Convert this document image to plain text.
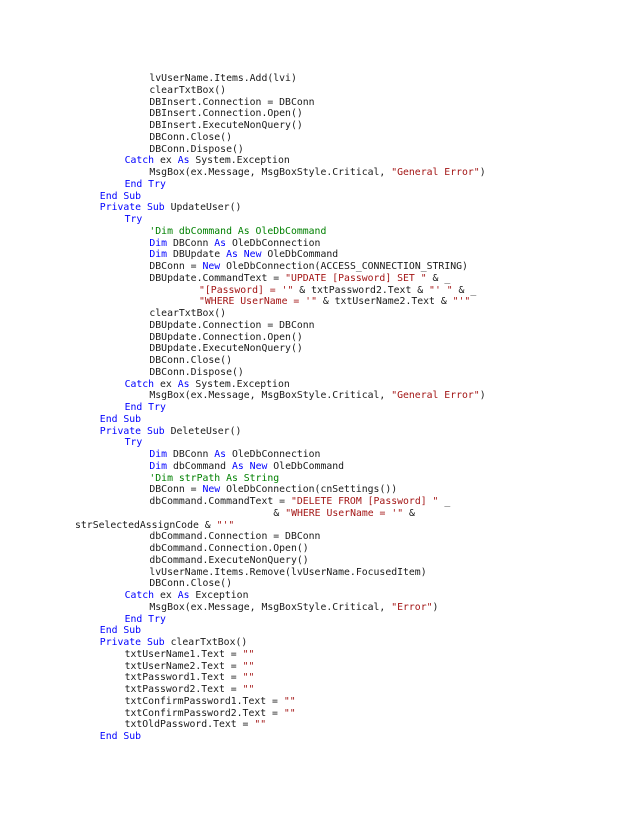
lvUserName.Items.Add(lvi)
clearTxtBox()
DBInsert.Connection = DBConn
DBInsert.Connection.Open()
DBInsert.ExecuteNonQuery()
DBConn.Close()
DBConn.Dispose()
Catch ex As System.Exception
MsgBox(ex.Message, MsgBoxStyle.Critical, "General Error")
End Try
End Sub
Private Sub UpdateUser()
Try
'Dim dbCommand As OleDbCommand
Dim DBConn As OleDbConnection
Dim DBUpdate As New OleDbCommand
DBConn = New OleDbConnection(ACCESS_CONNECTION_STRING)
DBUpdate.CommandText = "UPDATE [Password] SET " & _
"[Password] = '" & txtPassword2.Text & "' " & _
"WHERE UserName = '" & txtUserName2.Text & "'"
clearTxtBox()
DBUpdate.Connection = DBConn
DBUpdate.Connection.Open()
DBUpdate.ExecuteNonQuery()
DBConn.Close()
DBConn.Dispose()
Catch ex As System.Exception
MsgBox(ex.Message, MsgBoxStyle.Critical, "General Error")
End Try
End Sub
Private Sub DeleteUser()
Try
Dim DBConn As OleDbConnection
Dim dbCommand As New OleDbCommand
'Dim strPath As String
DBConn = New OleDbConnection(cnSettings())
dbCommand.CommandText = "DELETE FROM [Password] " _
& "WHERE UserName = '" &
strSelectedAssignCode & "'"
dbCommand.Connection = DBConn
dbCommand.Connection.Open()
dbCommand.ExecuteNonQuery()
lvUserName.Items.Remove(lvUserName.FocusedItem)
DBConn.Close()
Catch ex As Exception
MsgBox(ex.Message, MsgBoxStyle.Critical, "Error")
End Try
End Sub
Private Sub clearTxtBox()
txtUserName1.Text = ""
txtUserName2.Text = ""
txtPassword1.Text = ""
txtPassword2.Text = ""
txtConfirmPassword1.Text = ""
txtConfirmPassword2.Text = ""
txtOldPassword.Text = ""
End Sub
